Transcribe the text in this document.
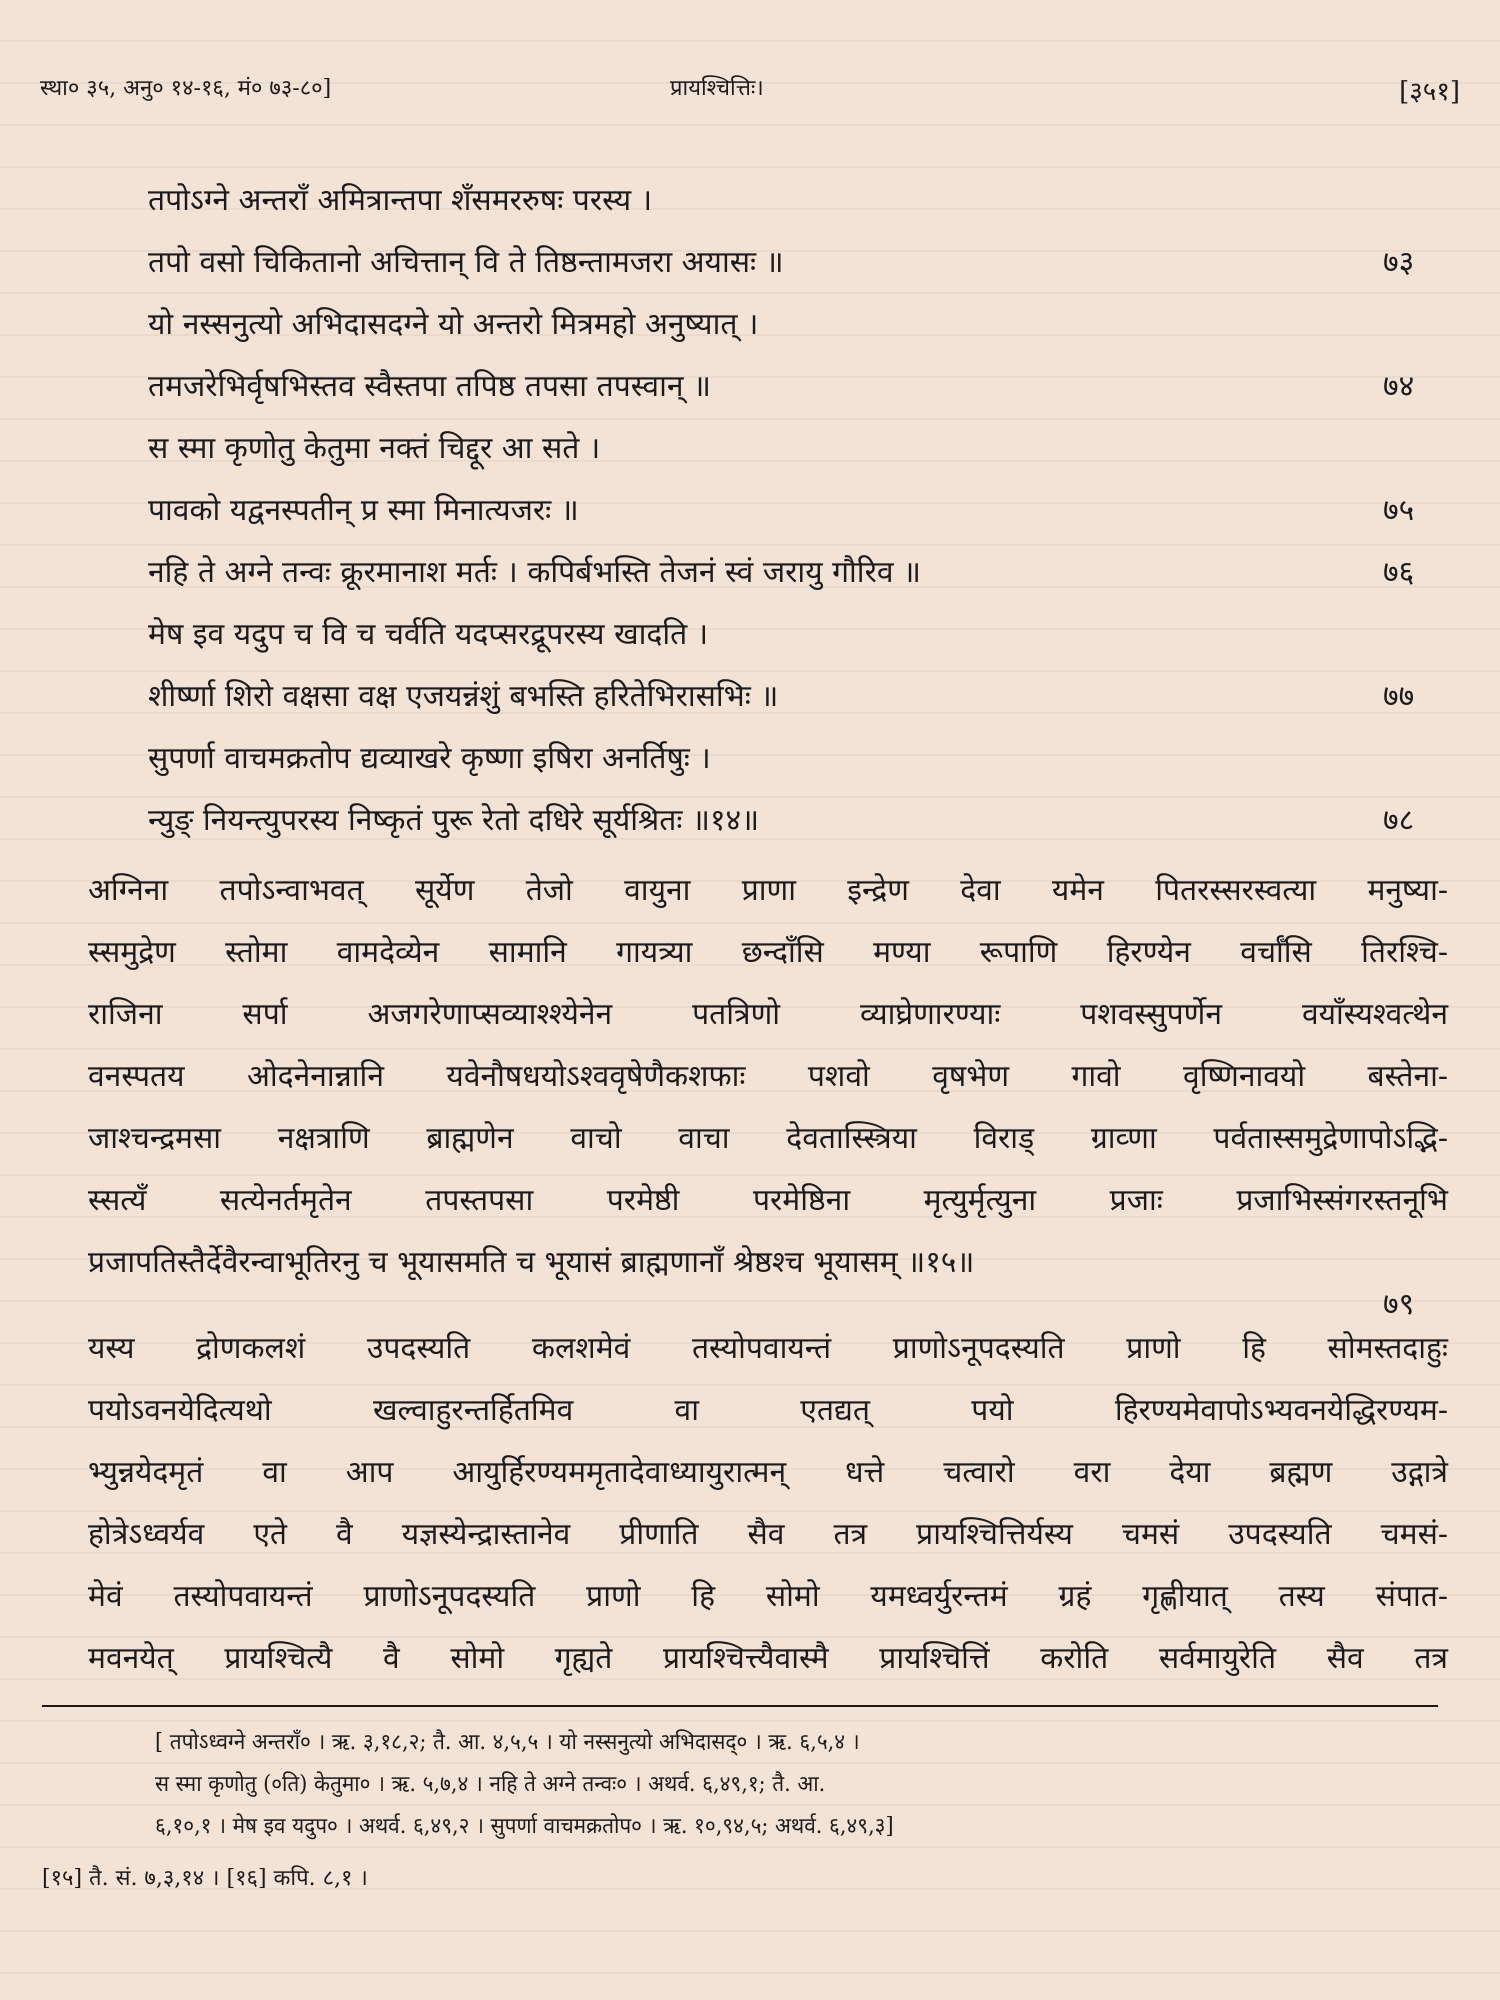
स्था० ३५, अनु० १४-१६, मं० ७३-८०]	प्रायश्चित्तिः।	[३५१]
तपोऽग्ने अन्तराँ अमित्रान्तपा शँसमररुषः परस्य ।
तपो वसो चिकितानो अचित्तान् वि ते तिष्ठन्तामजरा अयासः ॥	७३
यो नस्सनुत्यो अभिदासदग्ने यो अन्तरो मित्रमहो अनुष्यात् ।
तमजरेभिर्वृषभिस्तव स्वैस्तपा तपिष्ठ तपसा तपस्वान् ॥	७४
स स्मा कृणोतु केतुमा नक्तं चिद्दूर आ सते ।
पावको यद्वनस्पतीन् प्र स्मा मिनात्यजरः ॥	७५
नहि ते अग्ने तन्वः क्रूरमानाश मर्तः । कपिर्बभस्ति तेजनं स्वं जरायु गौरिव ॥	७६
मेष इव यदुप च वि च चर्वति यदप्सरद्रूपरस्य खादति ।
शीर्ष्णा शिरो वक्षसा वक्ष एजयन्नंशुं बभस्ति हरितेभिरासभिः ॥	७७
सुपर्णा वाचमक्रतोप द्यव्याखरे कृष्णा इषिरा अनर्तिषुः ।
न्युङ् नियन्त्युपरस्य निष्कृतं पुरू रेतो दधिरे सूर्यश्रितः ॥१४॥	७८
अग्निना तपोऽन्वाभवत् सूर्येण तेजो वायुना प्राणा इन्द्रेण देवा यमेन पितरस्सरस्वत्या मनुष्या-
स्समुद्रेण स्तोमा वामदेव्येन सामानि गायत्र्या छन्दाँसि मण्या रूपाणि हिरण्येन वर्चाँसि तिरश्चि-
राजिना सर्पा अजगरेणाप्सव्याश्श्येनेन पतत्रिणो व्याघ्रेणारण्याः पशवस्सुपर्णेन वयाँस्यश्वत्थेन
वनस्पतय ओदनेनान्नानि यवेनौषधयोऽश्ववृषेणैकशफाः पशवो वृषभेण गावो वृष्णिनावयो बस्तेना-
जाश्चन्द्रमसा नक्षत्राणि ब्राह्मणेन वाचो वाचा देवतास्स्त्रिया विराड् ग्राव्णा पर्वतास्समुद्रेणापोऽद्भि-
स्सत्यँ सत्येनर्तमृतेन तपस्तपसा परमेष्ठी परमेष्ठिना मृत्युर्मृत्युना प्रजाः प्रजाभिस्संगरस्तनूभि
प्रजापतिस्तैर्देवैरन्वाभूतिरनु च भूयासमति च भूयासं ब्राह्मणानाँ श्रेष्ठश्च भूयासम् ॥१५॥
७९
यस्य द्रोणकलशं उपदस्यति कलशमेवं तस्योपवायन्तं प्राणोऽनूपदस्यति प्राणो हि सोमस्तदाहुः
पयोऽवनयेदित्यथो खल्वाहुरन्तर्हितमिव वा एतद्यत् पयो हिरण्यमेवापोऽभ्यवनयेद्धिरण्यम-
भ्युन्नयेदमृतं वा आप आयुर्हिरण्यममृतादेवाध्यायुरात्मन् धत्ते चत्वारो वरा देया ब्रह्मण उद्गात्रे
होत्रेऽध्वर्यव एते वै यज्ञस्येन्द्रास्तानेव प्रीणाति सैव तत्र प्रायश्चित्तिर्यस्य चमसं उपदस्यति चमसं-
मेवं तस्योपवायन्तं प्राणोऽनूपदस्यति प्राणो हि सोमो यमध्वर्युरन्तमं ग्रहं गृह्णीयात् तस्य संपात-
मवनयेत् प्रायश्चित्यै वै सोमो गृह्यते प्रायश्चित्त्यैवास्मै प्रायश्चित्तिं करोति सर्वमायुरेति सैव तत्र
[ तपोऽध्वग्ने अन्तराँ० । ऋ. ३,१८,२; तै. आ. ४,५,५ । यो नस्सनुत्यो अभिदासद्० । ऋ. ६,५,४ । स स्मा कृणोतु (०ति) केतुमा० । ऋ. ५,७,४ । नहि ते अग्ने तन्वः० । अथर्व. ६,४९,१; तै. आ. ६,१०,१ । मेष इव यदुप० । अथर्व. ६,४९,२ । सुपर्णा वाचमक्रतोप० । ऋ. १०,९४,५; अथर्व. ६,४९,३]
[१५] तै. सं. ७,३,१४ । [१६] कपि. ८,१ ।
